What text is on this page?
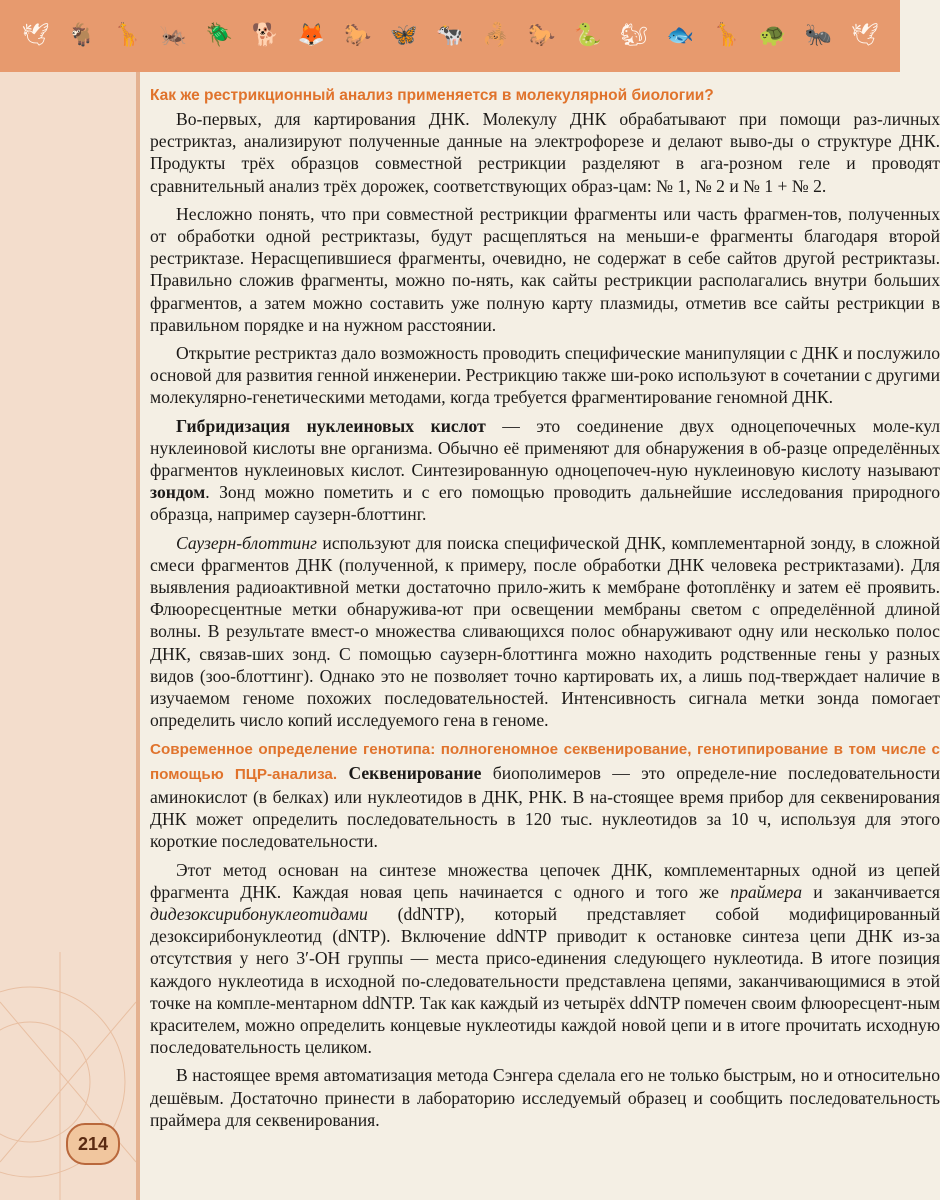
🕊 🐐 🦒 🦗 🪲 🐕 🦊 🐎 🦋 🐄 🦂 🐎 🐍 🐿 🐟 🦒 🐢 🐜 🕊
214
Как же рестрикционный анализ применяется в молекулярной биологии?

Во-первых, для картирования ДНК. Молекулу ДНК обрабатывают при помощи раз-личных рестриктаз, анализируют полученные данные на электрофорезе и делают выво-ды о структуре ДНК. Продукты трёх образцов совместной рестрикции разделяют в ага-розном геле и проводят сравнительный анализ трёх дорожек, соответствующих образ-цам: № 1, № 2 и № 1 + № 2.

Несложно понять, что при совместной рестрикции фрагменты или часть фрагмен-тов, полученных от обработки одной рестриктазы, будут расщепляться на меньши-е фрагменты благодаря второй рестриктазе. Нерасщепившиеся фрагменты, очевидно, не содержат в себе сайтов другой рестриктазы. Правильно сложив фрагменты, можно по-нять, как сайты рестрикции располагались внутри больших фрагментов, а затем можно составить уже полную карту плазмиды, отметив все сайты рестрикции в правильном порядке и на нужном расстоянии.

Открытие рестриктаз дало возможность проводить специфические манипуляции с ДНК и послужило основой для развития генной инженерии. Рестрикцию также ши-роко используют в сочетании с другими молекулярно-генетическими методами, когда требуется фрагментирование геномной ДНК.

Гибридизация нуклеиновых кислот — это соединение двух одноцепочечных моле-кул нуклеиновой кислоты вне организма. Обычно её применяют для обнаружения в об-разце определённых фрагментов нуклеиновых кислот. Синтезированную одноцепочеч-ную нуклеиновую кислоту называют зондом. Зонд можно пометить и с его помощью проводить дальнейшие исследования природного образца, например саузерн-блоттинг.

Саузерн-блоттинг используют для поиска специфической ДНК, комплементарной зонду, в сложной смеси фрагментов ДНК (полученной, к примеру, после обработки ДНК человека рестриктазами). Для выявления радиоактивной метки достаточно прило-жить к мембране фотоплёнку и затем её проявить. Флюоресцентные метки обнаружива-ют при освещении мембраны светом с определённой длиной волны. В результате вмест-о множества сливающихся полос обнаруживают одну или несколько полос ДНК, связав-ших зонд. С помощью саузерн-блоттинга можно находить родственные гены у разных видов (зоо-блоттинг). Однако это не позволяет точно картировать их, а лишь под-тверждает наличие в изучаемом геноме похожих последовательностей. Интенсивность сигнала метки зонда помогает определить число копий исследуемого гена в геноме.

Современное определение генотипа: полногеномное секвенирование, генотипирование в том числе с помощью ПЦР-анализа. Секвенирование биополимеров — это определе-ние последовательности аминокислот (в белках) или нуклеотидов в ДНК, РНК. В на-стоящее время прибор для секвенирования ДНК может определить последовательность в 120 тыс. нуклеотидов за 10 ч, используя для этого короткие последовательности.

Этот метод основан на синтезе множества цепочек ДНК, комплементарных одной из цепей фрагмента ДНК. Каждая новая цепь начинается с одного и того же праймера и заканчивается дидезоксирибонуклеотидами (ddNTP), который представляет собой модифицированный дезоксирибонуклеотид (dNTP). Включение ddNTP приводит к остановке синтеза цепи ДНК из-за отсутствия у него 3′-ОН группы — места присо-единения следующего нуклеотида. В итоге позиция каждого нуклеотида в исходной по-следовательности представлена цепями, заканчивающимися в этой точке на компле-ментарном ddNTP. Так как каждый из четырёх ddNTP помечен своим флюоресцент-ным красителем, можно определить концевые нуклеотиды каждой новой цепи и в итоге прочитать исходную последовательность целиком.

В настоящее время автоматизация метода Сэнгера сделала его не только быстрым, но и относительно дешёвым. Достаточно принести в лабораторию исследуемый образец и сообщить последовательность праймера для секвенирования.
